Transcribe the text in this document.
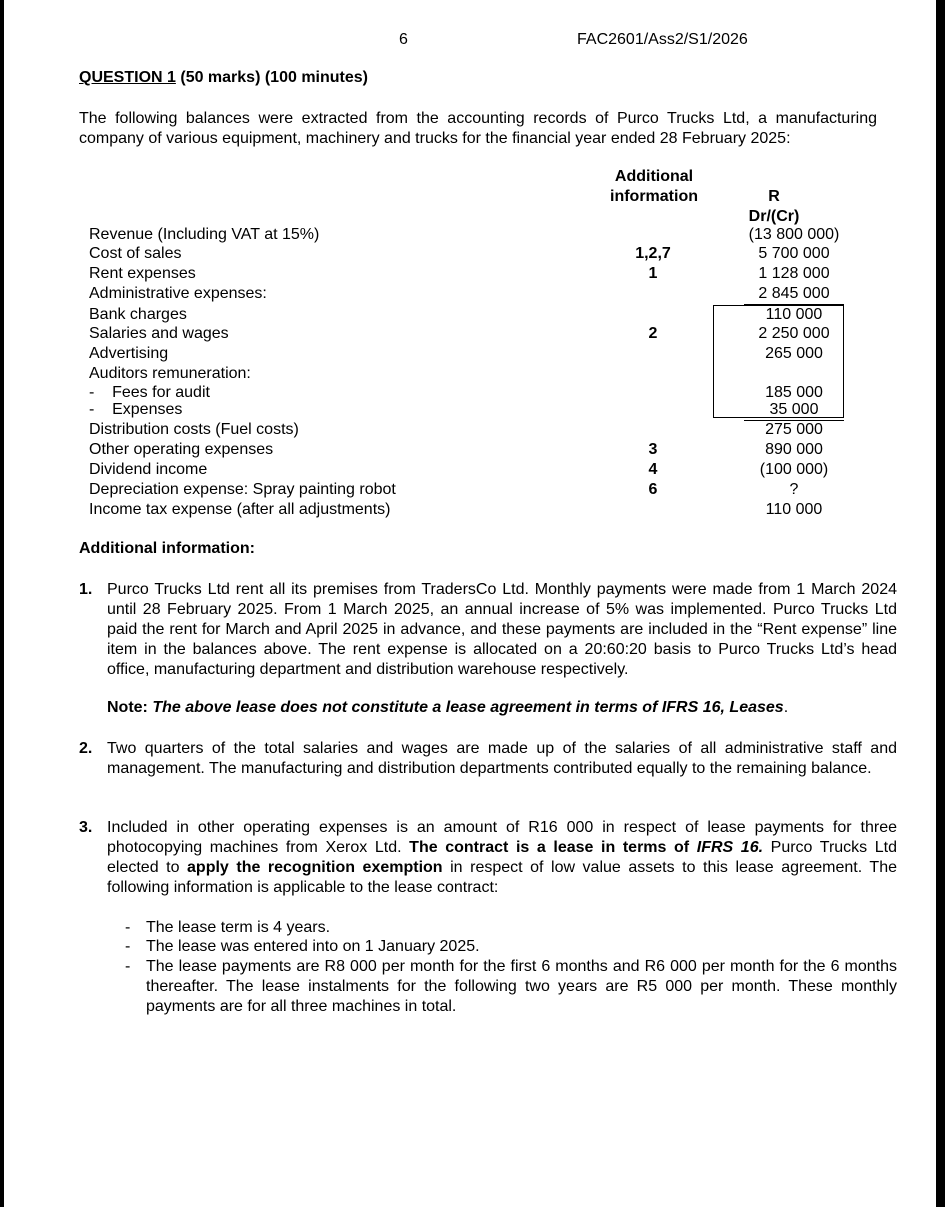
6	FAC2601/Ass2/S1/2026
QUESTION 1 (50 marks) (100 minutes)
The following balances were extracted from the accounting records of Purco Trucks Ltd, a manufacturing company of various equipment, machinery and trucks for the financial year ended 28 February 2025:
Additional
information	R
Dr/(Cr)
Revenue (Including VAT at 15%)	(13 800 000)
Cost of sales	1,2,7	5 700 000
Rent expenses	1	1 128 000
Administrative expenses:	2 845 000
Bank charges	110 000
Salaries and wages	2	2 250 000
Advertising	265 000
Auditors remuneration:
-    Fees for audit	185 000
-    Expenses	35 000
Distribution costs (Fuel costs)	275 000
Other operating expenses	3	890 000
Dividend income	4	(100 000)
Depreciation expense: Spray painting robot	6	?
Income tax expense (after all adjustments)	110 000
Additional information:
1. Purco Trucks Ltd rent all its premises from TradersCo Ltd. Monthly payments were made from 1 March 2024 until 28 February 2025. From 1 March 2025, an annual increase of 5% was implemented. Purco Trucks Ltd paid the rent for March and April 2025 in advance, and these payments are included in the “Rent expense” line item in the balances above. The rent expense is allocated on a 20:60:20 basis to Purco Trucks Ltd’s head office, manufacturing department and distribution warehouse respectively.
Note: The above lease does not constitute a lease agreement in terms of IFRS 16, Leases.
2. Two quarters of the total salaries and wages are made up of the salaries of all administrative staff and management. The manufacturing and distribution departments contributed equally to the remaining balance.
3. Included in other operating expenses is an amount of R16 000 in respect of lease payments for three photocopying machines from Xerox Ltd. The contract is a lease in terms of IFRS 16. Purco Trucks Ltd elected to apply the recognition exemption in respect of low value assets to this lease agreement. The following information is applicable to the lease contract:
- The lease term is 4 years.
- The lease was entered into on 1 January 2025.
- The lease payments are R8 000 per month for the first 6 months and R6 000 per month for the 6 months thereafter. The lease instalments for the following two years are R5 000 per month. These monthly payments are for all three machines in total.
